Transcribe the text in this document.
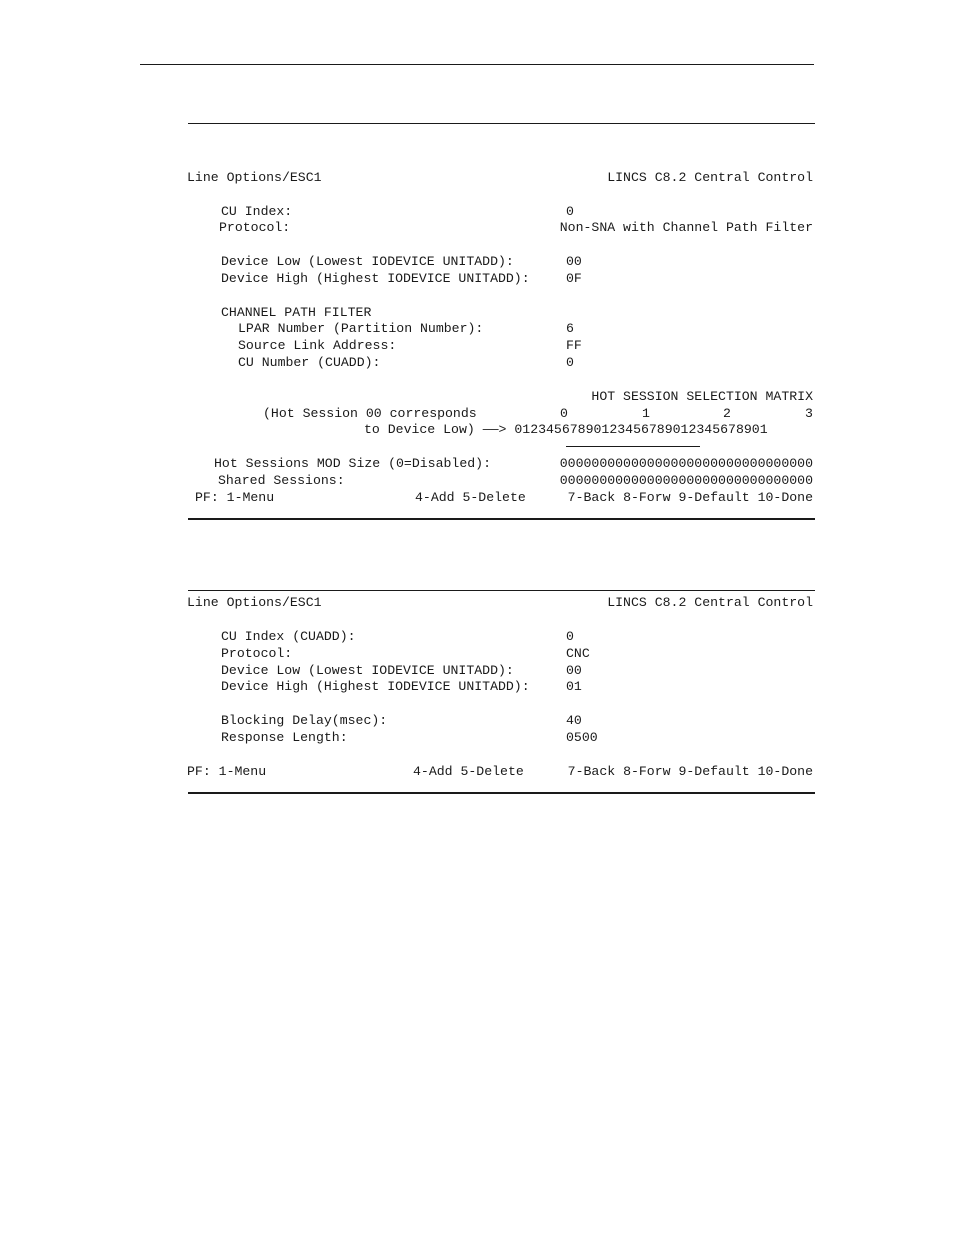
Line Options/ESC1	LINCS C8.2 Central Control
CU Index:	0
Protocol:	Non-SNA with Channel Path Filter
Device Low (Lowest IODEVICE UNITADD):	00
Device High (Highest IODEVICE UNITADD):	0F
CHANNEL PATH FILTER
LPAR Number (Partition Number):	6
Source Link Address:	FF
CU Number (CUADD):	0
HOT SESSION SELECTION MATRIX
(Hot Session 00 corresponds	0	1	2	3
to Device Low) ——> 01234567890123456789012345678901
Hot Sessions MOD Size (0=Disabled):	00000000000000000000000000000000
Shared Sessions:	00000000000000000000000000000000
PF: 1-Menu	4-Add 5-Delete	7-Back 8-Forw 9-Default 10-Done
Line Options/ESC1	LINCS C8.2 Central Control
CU Index (CUADD):	0
Protocol:	CNC
Device Low (Lowest IODEVICE UNITADD):	00
Device High (Highest IODEVICE UNITADD):	01
Blocking Delay(msec):	40
Response Length:	0500
PF: 1-Menu	4-Add 5-Delete	7-Back 8-Forw 9-Default 10-Done
